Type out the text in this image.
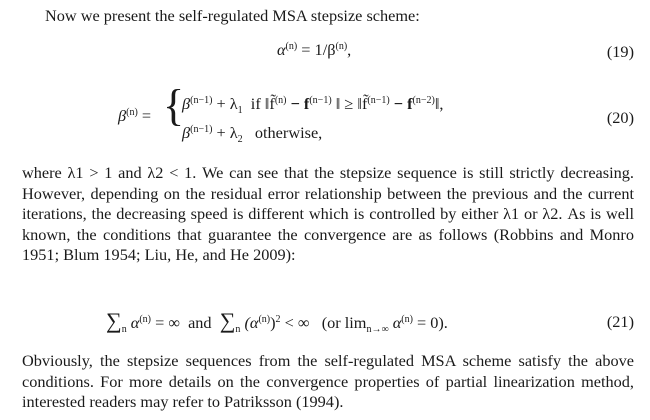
Now we present the self-regulated MSA stepsize scheme:
$\alpha^{(n)} = 1/\beta^{(n)}$,	(19)
$\beta^{(n)}$ = {
$\beta^{(n-1)} + \lambda_1$ if ‖f̃$^{(n)}$ − $f^{(n-1)}$ ‖ ≥ ‖f̃$^{(n-1)}$ − $f^{(n-2)}‖$,
$\beta^{(n-1)} + \lambda_2$ otherwise,
(20)
where λ1 > 1 and λ2 < 1. We can see that the stepsize sequence is still strictly decreasing. However, depending on the residual error relationship between the previous and the current iterations, the decreasing speed is different which is controlled by either λ1 or λ2. As is well known, the conditions that guarantee the convergence are as follows (Robbins and Monro 1951; Blum 1954; Liu, He, and He 2009):
$\sum_n$ $\alpha^{(n)}$ = ∞ and $\sum_n$ $(\alpha^{(n)})^2$ < ∞ (or $\lim_{n\to\infty} \alpha^{(n)} = 0$).	(21)
Obviously, the stepsize sequences from the self-regulated MSA scheme satisfy the above conditions. For more details on the convergence properties of partial linearization method, interested readers may refer to Patriksson (1994).
